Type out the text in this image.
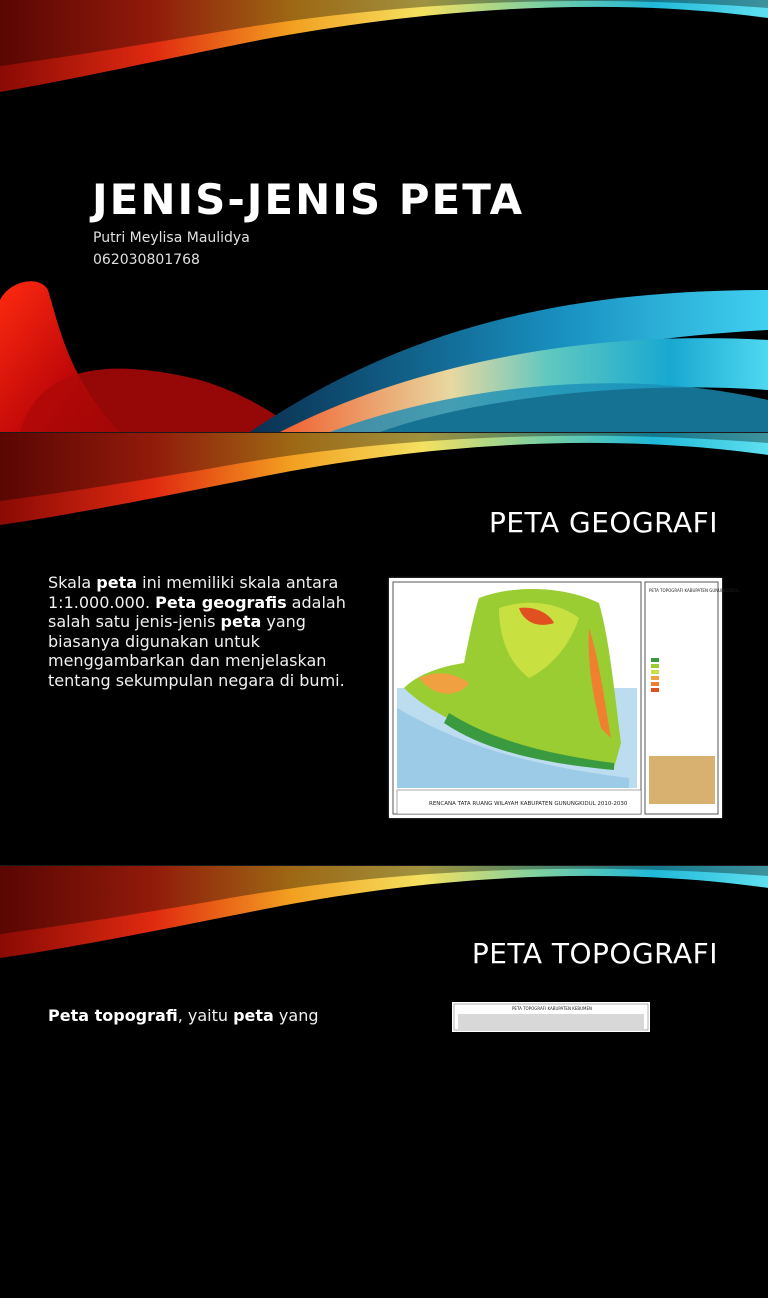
JENIS-JENIS PETA
Putri Meylisa Maulidya
062030801768
PETA GEOGRAFI

Skala peta ini memiliki skala antara 1:1.000.000. Peta geografis adalah salah satu jenis-jenis peta yang biasanya digunakan untuk menggambarkan dan menjelaskan tentang sekumpulan negara di bumi.

RENCANA TATA RUANG WILAYAH KABUPATEN GUNUNGKIDUL 2010-2030
PETA TOPOGRAFI KABUPATEN GUNUNGKIDUL
PETA TOPOGRAFI

Peta topografi, yaitu peta yang	PETA TOPOGRAFI KABUPATEN KEBUMEN
